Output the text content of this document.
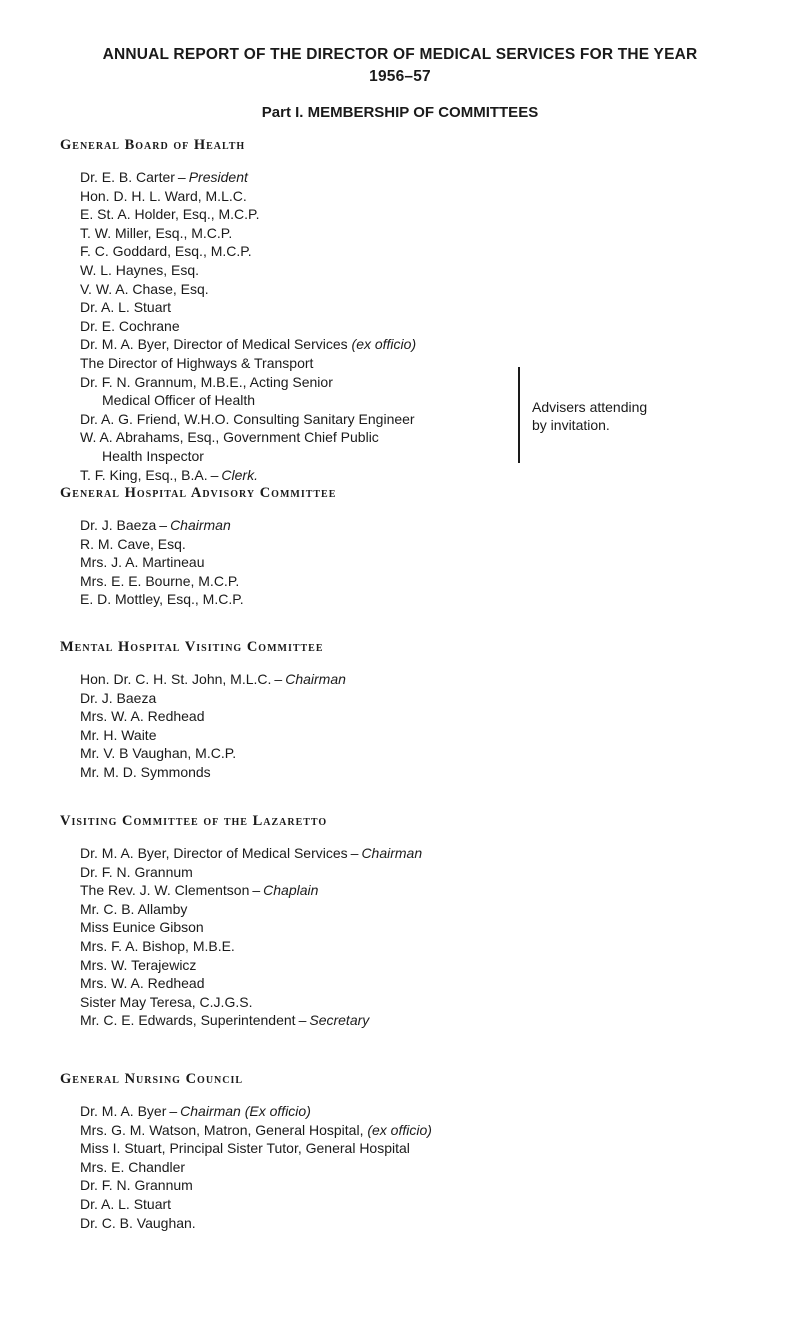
ANNUAL REPORT OF THE DIRECTOR OF MEDICAL SERVICES FOR THE YEAR
1956–57
Part I. MEMBERSHIP OF COMMITTEES
General Board of Health
Dr. E. B. Carter – President
Hon. D. H. L. Ward, M.L.C.
E. St. A. Holder, Esq., M.C.P.
T. W. Miller, Esq., M.C.P.
F. C. Goddard, Esq., M.C.P.
W. L. Haynes, Esq.
V. W. A. Chase, Esq.
Dr. A. L. Stuart
Dr. E. Cochrane
Dr. M. A. Byer, Director of Medical Services (ex officio)
The Director of Highways & Transport
Dr. F. N. Grannum, M.B.E., Acting Senior
Medical Officer of Health
Dr. A. G. Friend, W.H.O. Consulting Sanitary Engineer
W. A. Abrahams, Esq., Government Chief Public
Health Inspector
T. F. King, Esq., B.A. – Clerk.
Advisers attending
by invitation.
General Hospital Advisory Committee
Dr. J. Baeza – Chairman
R. M. Cave, Esq.
Mrs. J. A. Martineau
Mrs. E. E. Bourne, M.C.P.
E. D. Mottley, Esq., M.C.P.
Mental Hospital Visiting Committee
Hon. Dr. C. H. St. John, M.L.C. – Chairman
Dr. J. Baeza
Mrs. W. A. Redhead
Mr. H. Waite
Mr. V. B Vaughan, M.C.P.
Mr. M. D. Symmonds
Visiting Committee of the Lazaretto
Dr. M. A. Byer, Director of Medical Services – Chairman
Dr. F. N. Grannum
The Rev. J. W. Clementson – Chaplain
Mr. C. B. Allamby
Miss Eunice Gibson
Mrs. F. A. Bishop, M.B.E.
Mrs. W. Terajewicz
Mrs. W. A. Redhead
Sister May Teresa, C.J.G.S.
Mr. C. E. Edwards, Superintendent – Secretary
General Nursing Council
Dr. M. A. Byer – Chairman (Ex officio)
Mrs. G. M. Watson, Matron, General Hospital, (ex officio)
Miss I. Stuart, Principal Sister Tutor, General Hospital
Mrs. E. Chandler
Dr. F. N. Grannum
Dr. A. L. Stuart
Dr. C. B. Vaughan.
